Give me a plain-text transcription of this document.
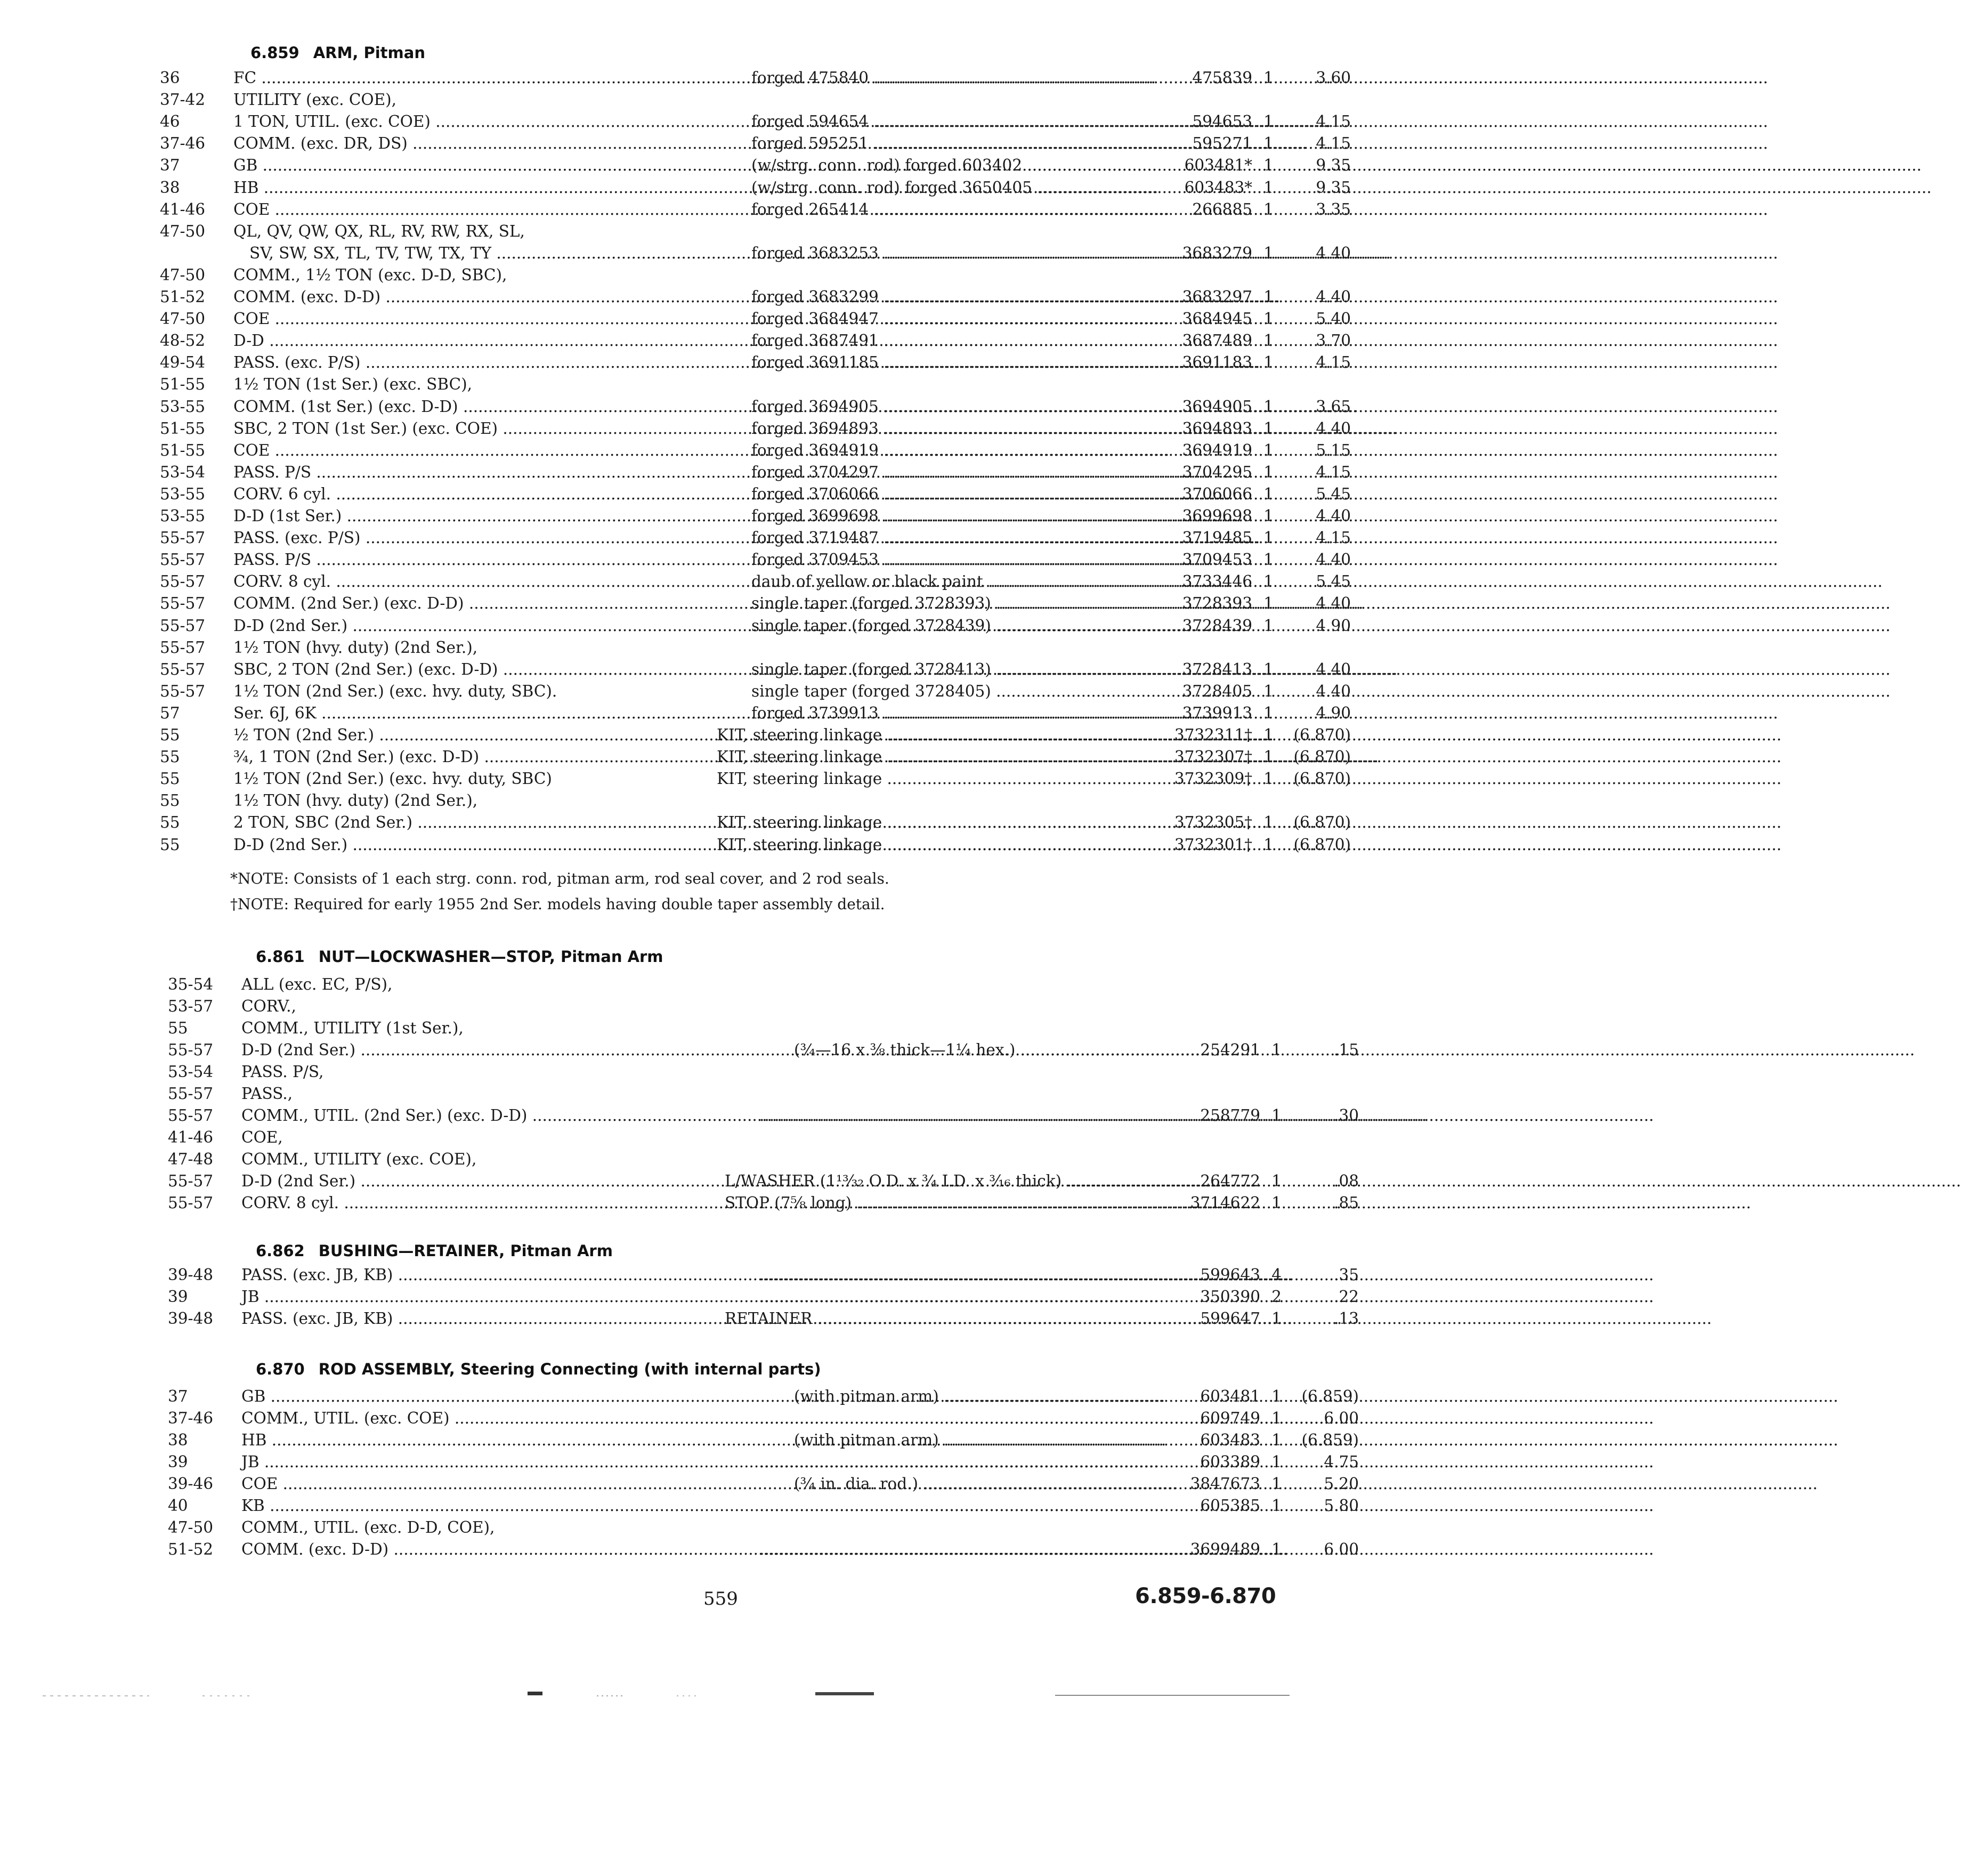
6.859 ARM, Pitman
36	FC .....	forged 475840 .....	475839 1	3.60
37-42	UTILITY (exc. COE),
46	1 TON, UTIL. (exc. COE) .....	forged 594654 .....	594653 1	4.15
37-46	COMM. (exc. DR, DS) .....	forged 595251 .....	595271 1	4.15
37	GB .....	(w/strg. conn. rod) forged 603402 .....	603481* 1	9.35
38	HB .....	(w/strg. conn. rod) forged 3650405 .....	603483* 1	9.35
41-46	COE .....	forged 265414 .....	266885 1	3.35
47-50	QL, QV, QW, QX, RL, RV, RW, RX, SL,
SV, SW, SX, TL, TV, TW, TX, TY .....	forged 3683253 .....	3683279 1	4.40
47-50	COMM., 1½ TON (exc. D-D, SBC),
51-52	COMM. (exc. D-D) .....	forged 3683299 .....	3683297 1	4.40
47-50	COE .....	forged 3684947 .....	3684945 1	5.40
48-52	D-D .....	forged 3687491 .....	3687489 1	3.70
49-54	PASS. (exc. P/S) .....	forged 3691185 .....	3691183 1	4.15
51-55	1½ TON (1st Ser.) (exc. SBC),
53-55	COMM. (1st Ser.) (exc. D-D) .....	forged 3694905 .....	3694905 1	3.65
51-55	SBC, 2 TON (1st Ser.) (exc. COE) .....	forged 3694893 .....	3694893 1	4.40
51-55	COE .....	forged 3694919 .....	3694919 1	5.15
53-54	PASS. P/S .....	forged 3704297 .....	3704295 1	4.15
53-55	CORV. 6 cyl. .....	forged 3706066 .....	3706066 1	5.45
53-55	D-D (1st Ser.) .....	forged 3699698 .....	3699698 1	4.40
55-57	PASS. (exc. P/S) .....	forged 3719487 .....	3719485 1	4.15
55-57	PASS. P/S .....	forged 3709453 .....	3709453 1	4.40
55-57	CORV. 8 cyl. .....	daub of yellow or black paint .....	3733446 1	5.45
55-57	COMM. (2nd Ser.) (exc. D-D) .....	single taper (forged 3728393) .....	3728393 1	4.40
55-57	D-D (2nd Ser.) .....	single taper (forged 3728439) .....	3728439 1	4.90
55-57	1½ TON (hvy. duty) (2nd Ser.),
55-57	SBC, 2 TON (2nd Ser.) (exc. D-D) .....	single taper (forged 3728413) .....	3728413 1	4.40
55-57	1½ TON (2nd Ser.) (exc. hvy. duty, SBC).	single taper (forged 3728405) .....	3728405 1	4.40
57	Ser. 6J, 6K .....	forged 3739913 .....	3739913 1	4.90
55	½ TON (2nd Ser.) .....	KIT, steering linkage .....	3732311† 1	(6.870)
55	¾, 1 TON (2nd Ser.) (exc. D-D) .....	KIT, steering linkage .....	3732307† 1	(6.870)
55	1½ TON (2nd Ser.) (exc. hvy. duty, SBC)	KIT, steering linkage .....	3732309† 1	(6.870)
55	1½ TON (hvy. duty) (2nd Ser.),
55	2 TON, SBC (2nd Ser.) .....	KIT, steering linkage .....	3732305† 1	(6.870)
55	D-D (2nd Ser.) .....	KIT, steering linkage .....	3732301† 1	(6.870)
*NOTE: Consists of 1 each strg. conn. rod, pitman arm, rod seal cover, and 2 rod seals.
†NOTE: Required for early 1955 2nd Ser. models having double taper assembly detail.
6.861 NUT—LOCKWASHER—STOP, Pitman Arm
35-54	ALL (exc. EC, P/S),
53-57	CORV.,
55	COMM., UTILITY (1st Ser.),
55-57	D-D (2nd Ser.) .....	(¾—16 x ⅜ thick—1¼ hex.) .....	254291 1	.15
53-54	PASS. P/S,
55-57	PASS.,
55-57	COMM., UTIL. (2nd Ser.) (exc. D-D) ..... .....	258779 1	.30
41-46	COE,
47-48	COMM., UTILITY (exc. COE),
55-57	D-D (2nd Ser.) .....	L/WASHER (1¹³⁄₃₂ O.D. x ¾ I.D. x ³⁄₁₆ thick) .....	264772 1	.08
55-57	CORV. 8 cyl. .....	STOP (7⅝ long) .....	3714622 1	.85
6.862 BUSHING—RETAINER, Pitman Arm
39-48	PASS. (exc. JB, KB) ..... .....	599643 4	.35
39	JB ..... .....	350390 2	.22
39-48	PASS. (exc. JB, KB) .....	RETAINER .....	599647 1	.13
6.870 ROD ASSEMBLY, Steering Connecting (with internal parts)
37	GB .....	(with pitman arm) .....	603481 1	(6.859)
37-46	COMM., UTIL. (exc. COE) ..... .....	609749 1	6.00
38	HB .....	(with pitman arm) .....	603483 1	(6.859)
39	JB ..... .....	603389 1	4.75
39-46	COE .....	(¾ in. dia. rod.) .....	3847673 1	5.20
40	KB ..... .....	605385 1	5.80
47-50	COMM., UTIL. (exc. D-D, COE),
51-52	COMM. (exc. D-D) ..... .....	3699489 1	6.00
559	6.859-6.870
